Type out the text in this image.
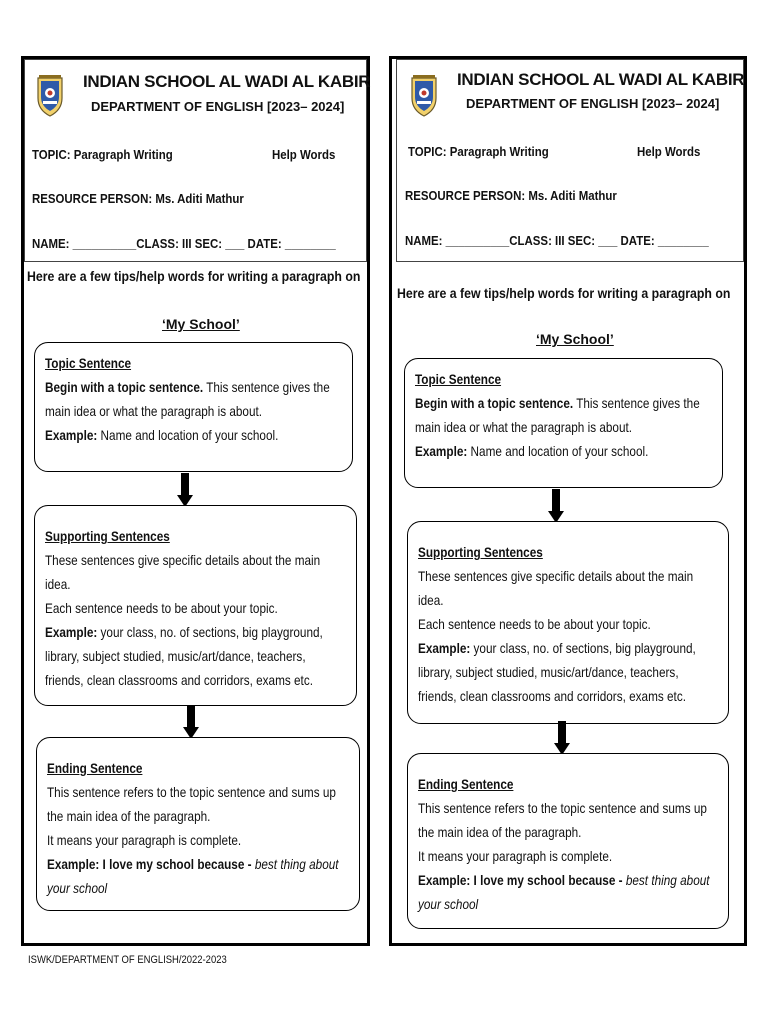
INDIAN SCHOOL AL WADI AL KABIR
DEPARTMENT OF ENGLISH [2023– 2024]
TOPIC: Paragraph Writing	Help Words
RESOURCE PERSON: Ms. Aditi Mathur
NAME: __________CLASS: III SEC: ___ DATE: ________
Here are a few tips/help words for writing a paragraph on
‘My School’
Topic Sentence
Begin with a topic sentence. This sentence gives the main idea or what the paragraph is about.
Example: Name and location of your school.
Supporting Sentences
These sentences give specific details about the main idea.
Each sentence needs to be about your topic.
Example: your class, no. of sections, big playground, library, subject studied, music/art/dance, teachers, friends, clean classrooms and corridors, exams etc.
Ending Sentence
This sentence refers to the topic sentence and sums up the main idea of the paragraph.
It means your paragraph is complete.
Example: I love my school because - best thing about your school
INDIAN SCHOOL AL WADI AL KABIR
DEPARTMENT OF ENGLISH [2023– 2024]
TOPIC: Paragraph Writing	Help Words
RESOURCE PERSON: Ms. Aditi Mathur
NAME: __________CLASS: III SEC: ___ DATE: ________
Here are a few tips/help words for writing a paragraph on
‘My School’
Topic Sentence
Begin with a topic sentence. This sentence gives the main idea or what the paragraph is about.
Example: Name and location of your school.
Supporting Sentences
These sentences give specific details about the main idea.
Each sentence needs to be about your topic.
Example: your class, no. of sections, big playground, library, subject studied, music/art/dance, teachers, friends, clean classrooms and corridors, exams etc.
Ending Sentence
This sentence refers to the topic sentence and sums up the main idea of the paragraph.
It means your paragraph is complete.
Example: I love my school because - best thing about your school
ISWK/DEPARTMENT OF ENGLISH/2022-2023
